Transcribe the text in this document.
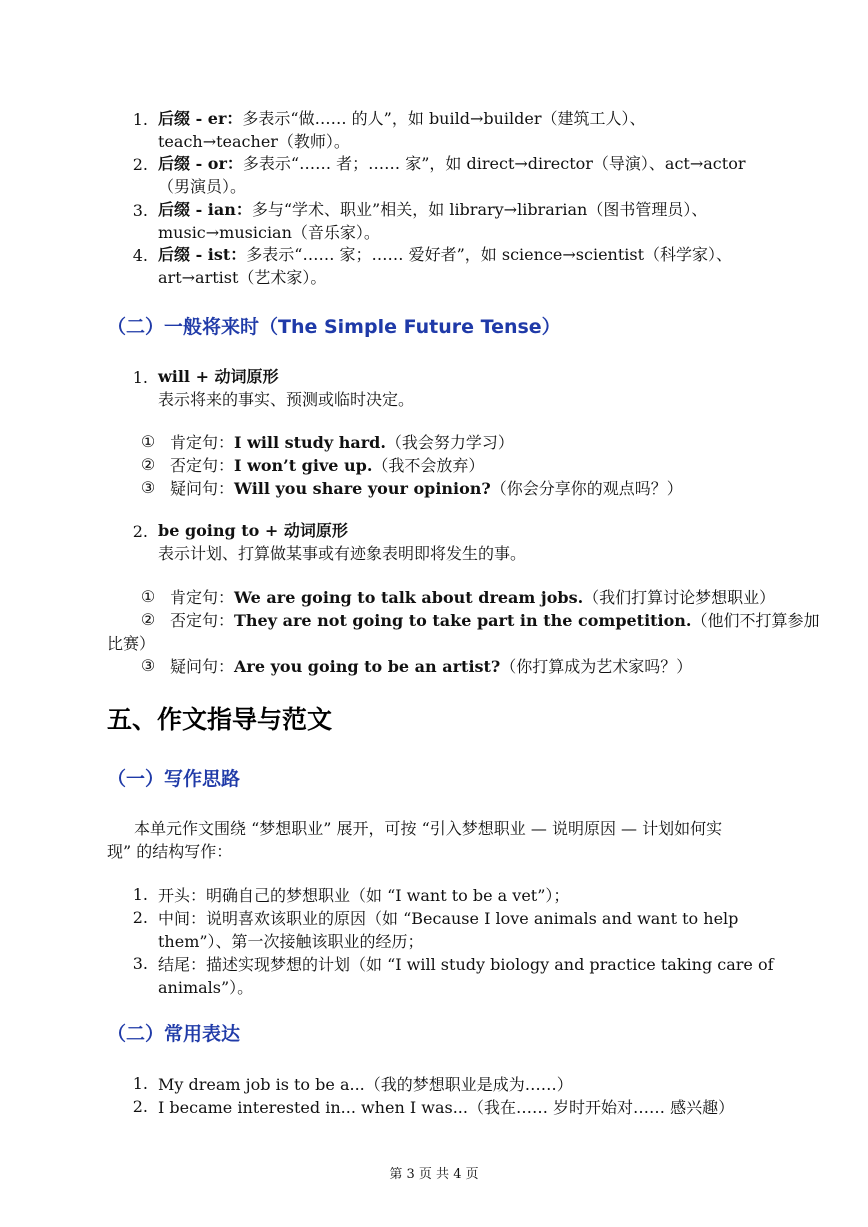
1. 后缀 - er：多表示“做…… 的人”，如 build→builder（建筑工人）、
teach→teacher（教师）。
2. 后缀 - or：多表示“…… 者；…… 家”，如 direct→director（导演）、act→actor
（男演员）。
3. 后缀 - ian：多与“学术、职业”相关，如 library→librarian（图书管理员）、
music→musician（音乐家）。
4. 后缀 - ist：多表示“…… 家；…… 爱好者”，如 science→scientist（科学家）、
art→artist（艺术家）。
（二）一般将来时（The Simple Future Tense）
1. will + 动词原形
表示将来的事实、预测或临时决定。
① 肯定句：I will study hard.（我会努力学习）
② 否定句：I won’t give up.（我不会放弃）
③ 疑问句：Will you share your opinion?（你会分享你的观点吗？）
2. be going to + 动词原形
表示计划、打算做某事或有迹象表明即将发生的事。
① 肯定句：We are going to talk about dream jobs.（我们打算讨论梦想职业）
② 否定句：They are not going to take part in the competition.（他们不打算参加
比赛）
③ 疑问句：Are you going to be an artist?（你打算成为艺术家吗？）
五、作文指导与范文
（一）写作思路
本单元作文围绕 “梦想职业” 展开，可按 “引入梦想职业 — 说明原因 — 计划如何实
现” 的结构写作：
1. 开头：明确自己的梦想职业（如 “I want to be a vet”）；
2. 中间：说明喜欢该职业的原因（如 “Because I love animals and want to help
them”）、第一次接触该职业的经历；
3. 结尾：描述实现梦想的计划（如 “I will study biology and practice taking care of
animals”）。
（二）常用表达
1. My dream job is to be a...（我的梦想职业是成为……）
2. I became interested in... when I was...（我在…… 岁时开始对…… 感兴趣）
第 3 页 共 4 页
